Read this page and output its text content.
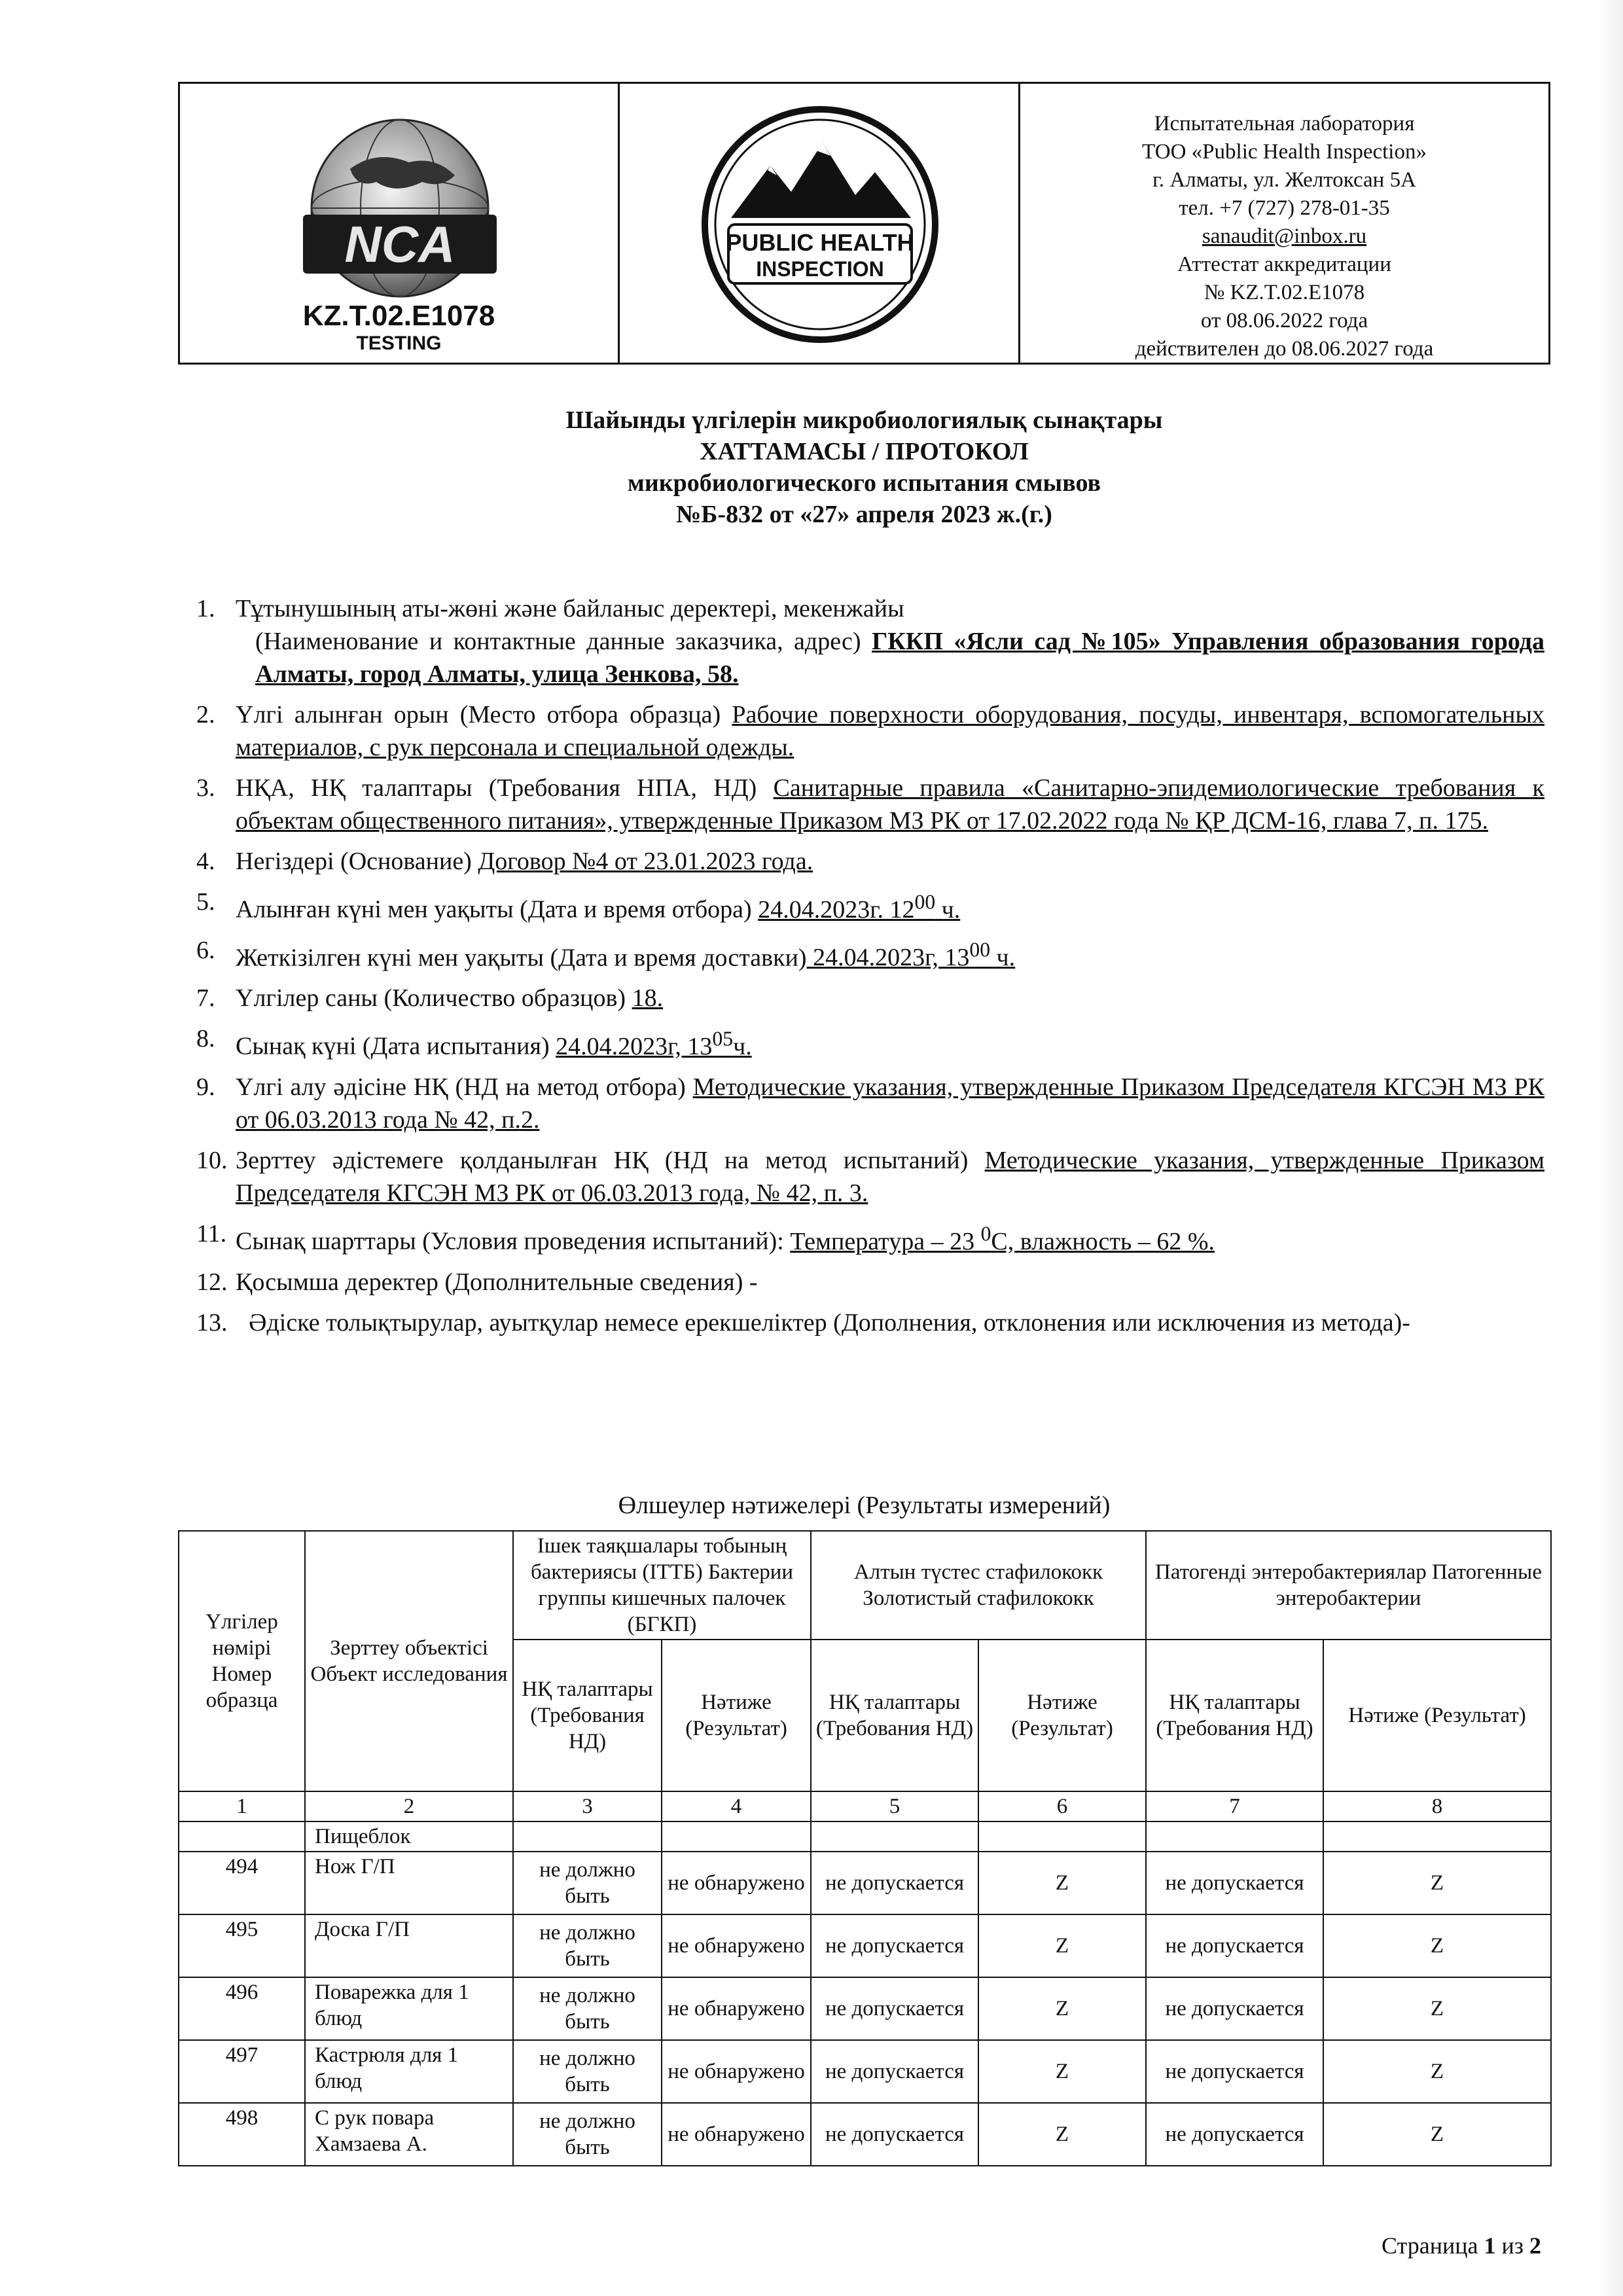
NCA
KZ.T.02.E1078
TESTING
PUBLIC HEALTH
INSPECTION
Испытательная лаборатория
ТОО «Public Health Inspection»
г. Алматы, ул. Желтоксан 5А
тел. +7 (727) 278-01-35
sanaudit@inbox.ru
Аттестат аккредитации
№ KZ.T.02.E1078
от 08.06.2022 года
действителен до 08.06.2027 года
Шайынды үлгілерін микробиологиялық сынақтары
ХАТТАМАСЫ / ПРОТОКОЛ
микробиологического испытания смывов
№Б-832 от «27» апреля 2023 ж.(г.)
1. Тұтынушының аты-жөні және байланыс деректері, мекенжайы
(Наименование и контактные данные заказчика, адрес) ГККП «Ясли сад №105» Управления образования города Алматы, город Алматы, улица Зенкова, 58.
2. Үлгі алынған орын (Место отбора образца) Рабочие поверхности оборудования, посуды, инвентаря, вспомогательных материалов, с рук персонала и специальной одежды.
3. НҚА, НҚ талаптары (Требования НПА, НД) Санитарные правила «Санитарно-эпидемиологические требования к объектам общественного питания», утвержденные Приказом МЗ РК от 17.02.2022 года № ҚР ДСМ-16, глава 7, п. 175.
4. Негіздері (Основание) Договор №4 от 23.01.2023 года.
5. Алынған күні мен уақыты (Дата и время отбора) 24.04.2023г. $12^{00}$ ч.
6. Жеткізілген күні мен уақыты (Дата и время доставки) 24.04.2023г, $13^{00}$ ч.
7. Үлгілер саны (Количество образцов) 18.
8. Сынақ күні (Дата испытания) 24.04.2023г, $13^{05}ч$.
9. Үлгі алу әдісіне НҚ (НД на метод отбора) Методические указания, утвержденные Приказом Председателя КГСЭН МЗ РК от 06.03.2013 года № 42, п.2.
10. Зерттеу әдістемеге қолданылған НҚ (НД на метод испытаний) Методические указания, утвержденные Приказом Председателя КГСЭН МЗ РК от 06.03.2013 года, № 42, п. 3.
11. Сынақ шарттары (Условия проведения испытаний): Температура – 23 $^0$С, влажность – 62 %.
12. Қосымша деректер (Дополнительные сведения) -
13. Әдіске толықтырулар, ауытқулар немесе ерекшеліктер (Дополнения, отклонения или исключения из метода)-
Өлшеулер нәтижелері (Результаты измерений)
Үлгілер нөмірі Номер образца	Зерттеу объектісі Объект исследования	Ішек таяқшалары тобының бактериясы (ІТТБ) Бактерии группы кишечных палочек (БГКП)		Алтын түстес стафилококк Золотистый стафилококк		Патогенді энтеробактериялар Патогенные энтеробактерии	
		НҚ талаптары (Требования НД)	Нәтиже (Результат)	НҚ талаптары (Требования НД)	Нәтиже (Результат)	НҚ талаптары (Требования НД)	Нәтиже (Результат)
1	2	3	4	5	6	7	8
	Пищеблок						
494	Нож Г/П	не должно быть	не обнаружено	не допускается	Z	не допускается	Z
495	Доска Г/П	не должно быть	не обнаружено	не допускается	Z	не допускается	Z
496	Поварежка для 1 блюд	не должно быть	не обнаружено	не допускается	Z	не допускается	Z
497	Кастрюля для 1 блюд	не должно быть	не обнаружено	не допускается	Z	не допускается	Z
498	С рук повара Хамзаева А.	не должно быть	не обнаружено	не допускается	Z	не допускается	Z
Страница 1 из 2
